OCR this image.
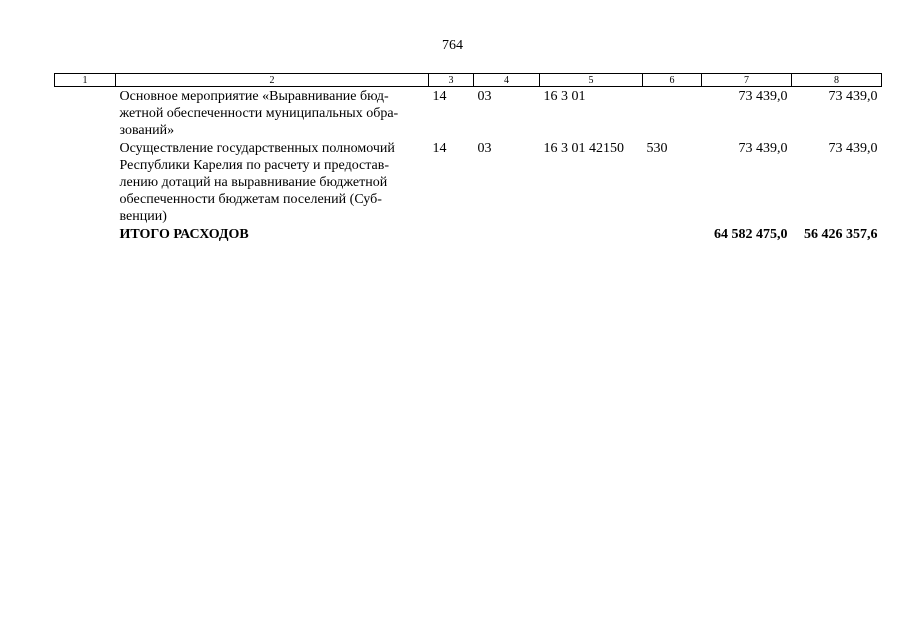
764
1	2	3	4	5	6	7	8
	Основное мероприятие «Выравнивание бюд-жетной обеспеченности муниципальных обра-зований»	14	03	16 3 01		73 439,0	73 439,0
	Осуществление государственных полномочий Республики Карелия по расчету и предостав-лению дотаций на выравнивание бюджетной обеспеченности бюджетам поселений (Суб-венции)	14	03	16 3 01 42150	530	73 439,0	73 439,0
	ИТОГО РАСХОДОВ					64 582 475,0	56 426 357,6
